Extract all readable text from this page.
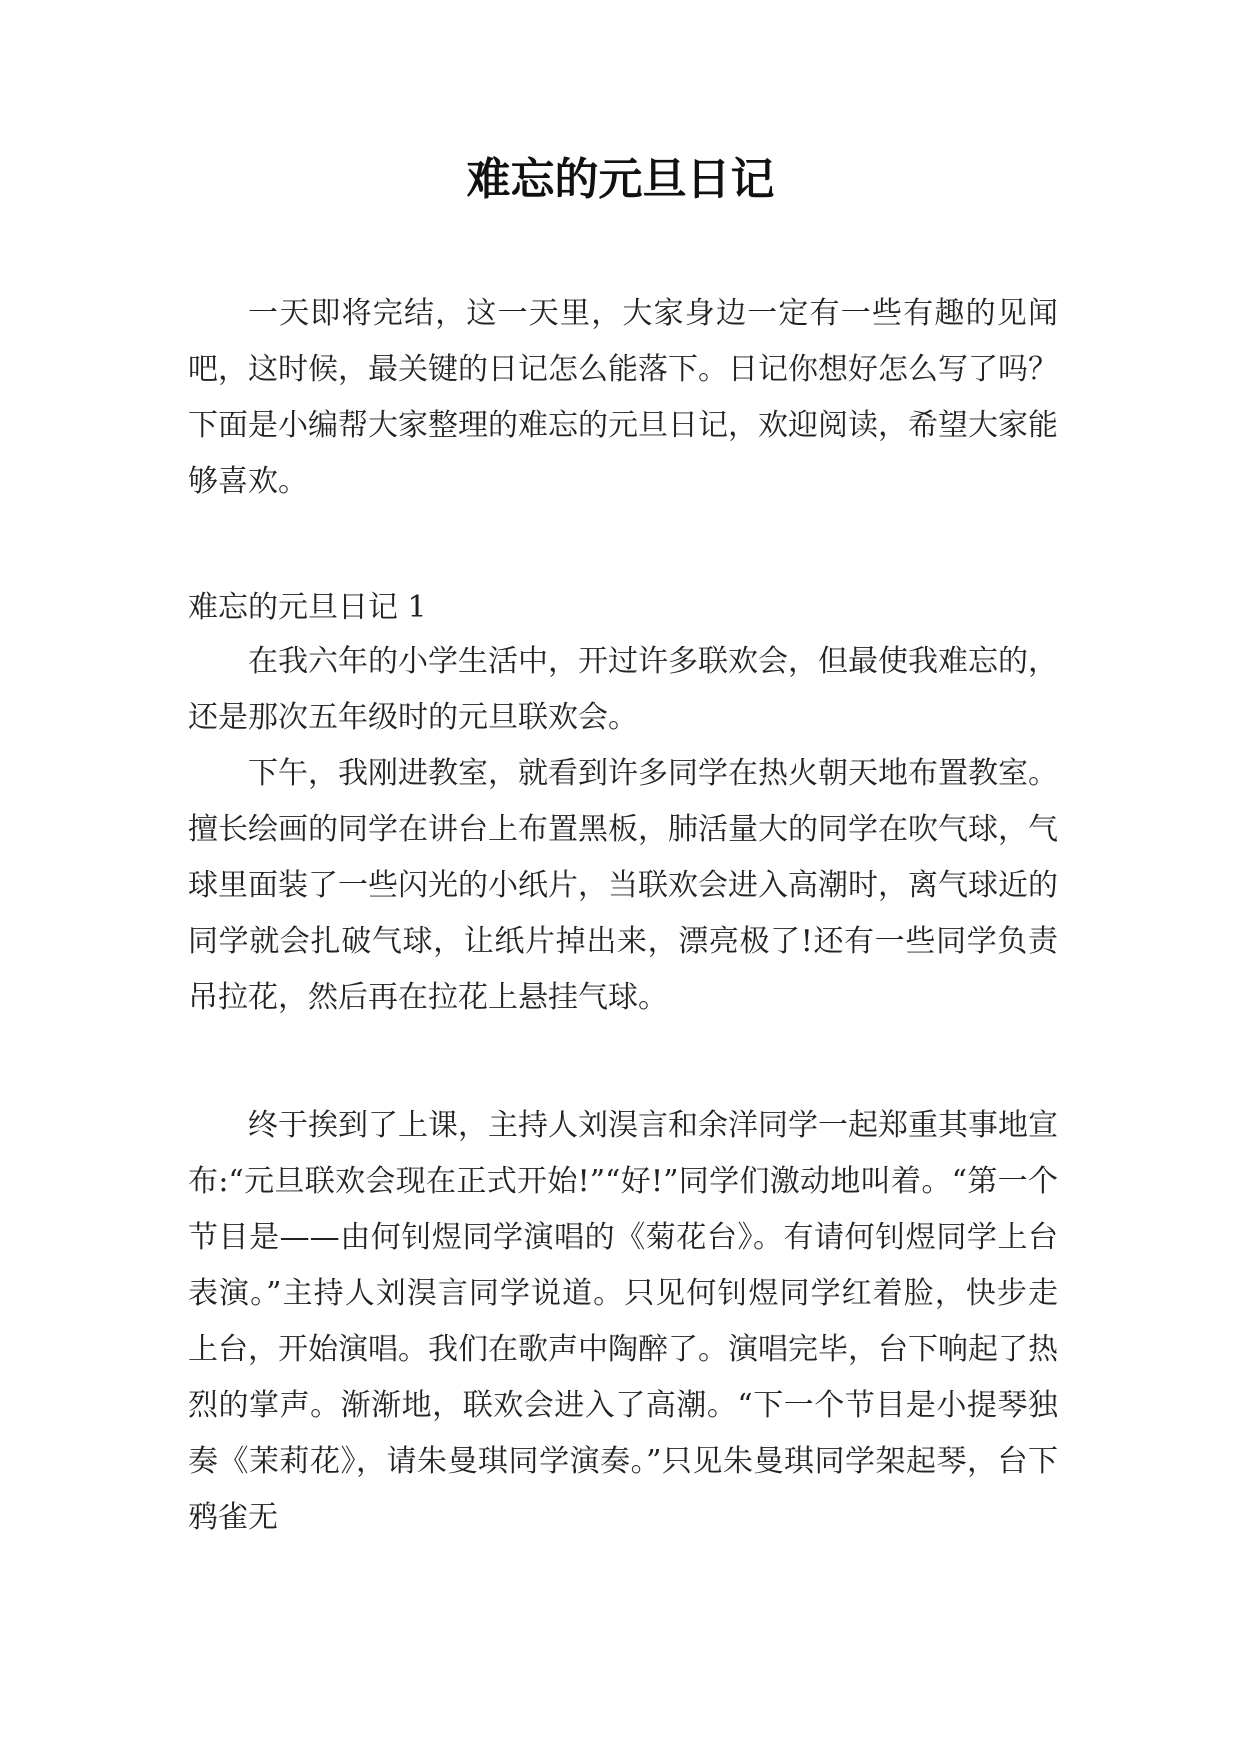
难忘的元旦日记

一天即将完结，这一天里，大家身边一定有一些有趣的见闻吧，这时候，最关键的日记怎么能落下。日记你想好怎么写了吗？下面是小编帮大家整理的难忘的元旦日记，欢迎阅读，希望大家能够喜欢。

难忘的元旦日记 1

在我六年的小学生活中，开过许多联欢会，但最使我难忘的，还是那次五年级时的元旦联欢会。

下午，我刚进教室，就看到许多同学在热火朝天地布置教室。擅长绘画的同学在讲台上布置黑板，肺活量大的同学在吹气球，气球里面装了一些闪光的小纸片，当联欢会进入高潮时，离气球近的同学就会扎破气球，让纸片掉出来，漂亮极了!还有一些同学负责吊拉花，然后再在拉花上悬挂气球。

终于挨到了上课，主持人刘淏言和余洋同学一起郑重其事地宣布:“元旦联欢会现在正式开始!”“好!”同学们激动地叫着。“第一个节目是——由何钊煜同学演唱的《菊花台》。有请何钊煜同学上台表演。”主持人刘淏言同学说道。只见何钊煜同学红着脸，快步走上台，开始演唱。我们在歌声中陶醉了。演唱完毕，台下响起了热烈的掌声。渐渐地，联欢会进入了高潮。“下一个节目是小提琴独奏《茉莉花》，请朱曼琪同学演奏。”只见朱曼琪同学架起琴，台下鸦雀无
